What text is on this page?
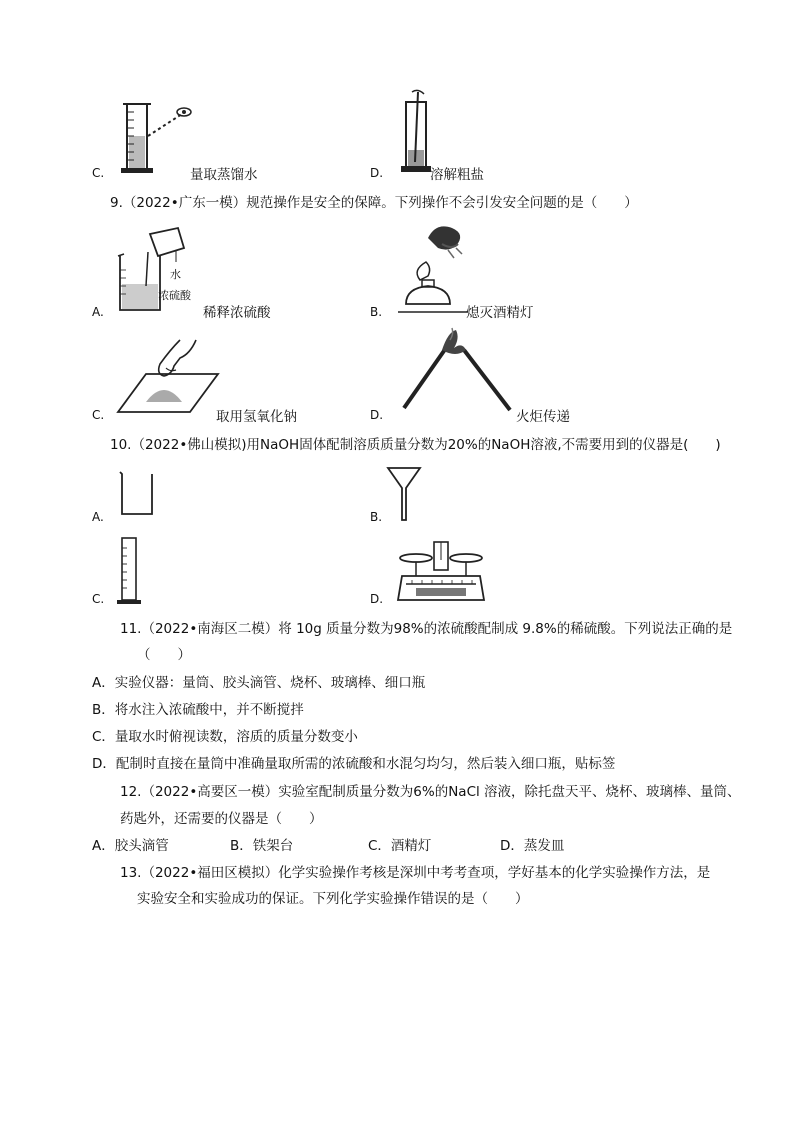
C.	量取蒸馏水	D.	溶解粗盐
9.（2022•广东一模）规范操作是安全的保障。下列操作不会引发安全问题的是（　　）
A.
水
浓硫酸
稀释浓硫酸	B.	熄灭酒精灯
C.	取用氢氧化钠	D.	火炬传递
10.（2022•佛山模拟)用NaOH固体配制溶质质量分数为20%的NaOH溶液,不需要用到的仪器是(　　)
A.	B.
C.	D.
11.（2022•南海区二模）将 10g 质量分数为98%的浓硫酸配制成 9.8%的稀硫酸。下列说法正确的是
（　　）
A．实验仪器：量筒、胶头滴管、烧杯、玻璃棒、细口瓶
B．将水注入浓硫酸中，并不断搅拌
C．量取水时俯视读数，溶质的质量分数变小
D．配制时直接在量筒中准确量取所需的浓硫酸和水混匀均匀，然后装入细口瓶，贴标签
12.（2022•高要区一模）实验室配制质量分数为6%的NaCl 溶液，除托盘天平、烧杯、玻璃棒、量筒、
药匙外，还需要的仪器是（　　）
A．胶头滴管	B．铁架台	C．酒精灯	D．蒸发皿
13.（2022•福田区模拟）化学实验操作考核是深圳中考考查项，学好基本的化学实验操作方法，是
实验安全和实验成功的保证。下列化学实验操作错误的是（　　）
